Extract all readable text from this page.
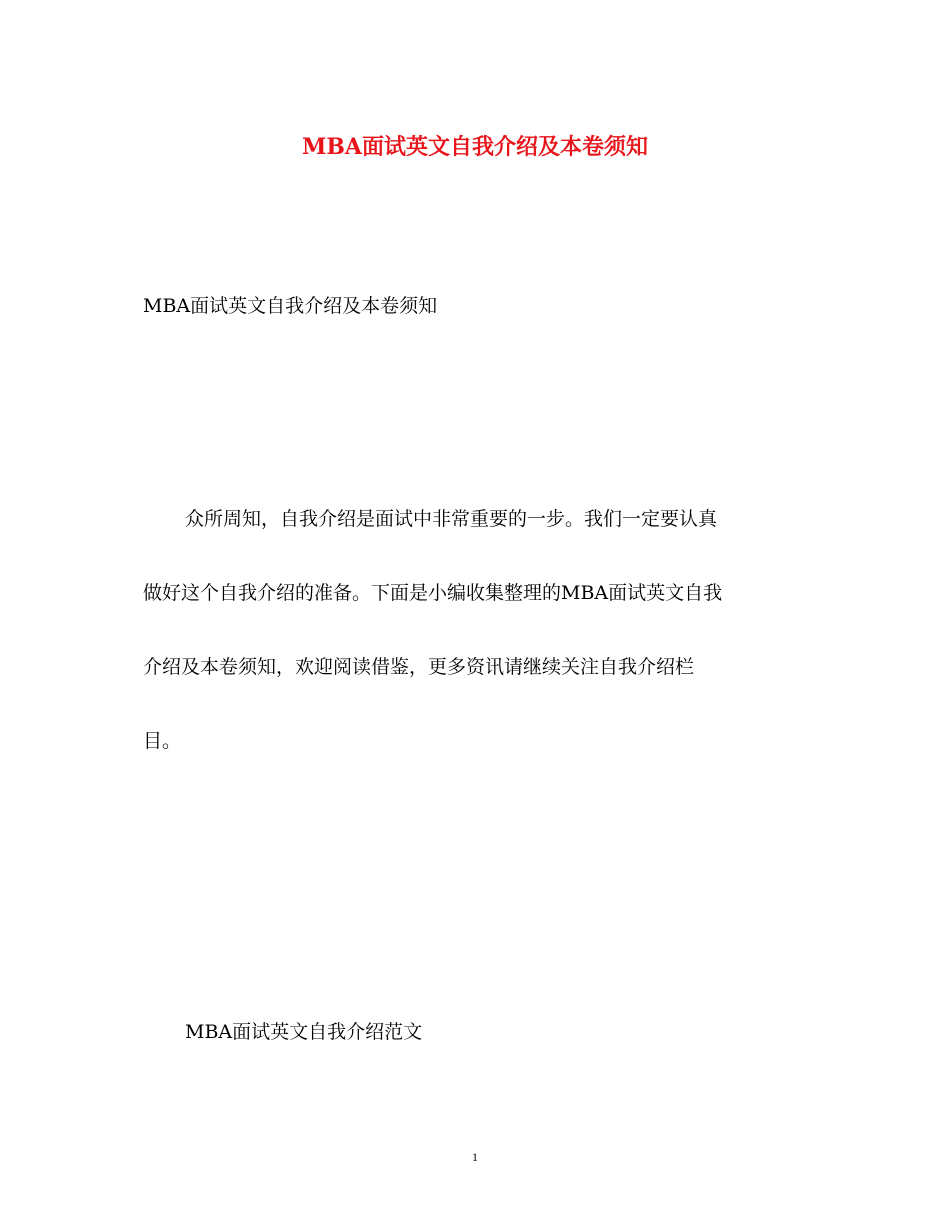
MBA面试英文自我介绍及本卷须知
MBA面试英文自我介绍及本卷须知
众所周知，自我介绍是面试中非常重要的一步。我们一定要认真
做好这个自我介绍的准备。下面是小编收集整理的MBA面试英文自我
介绍及本卷须知，欢迎阅读借鉴，更多资讯请继续关注自我介绍栏
目。
MBA面试英文自我介绍范文
1
